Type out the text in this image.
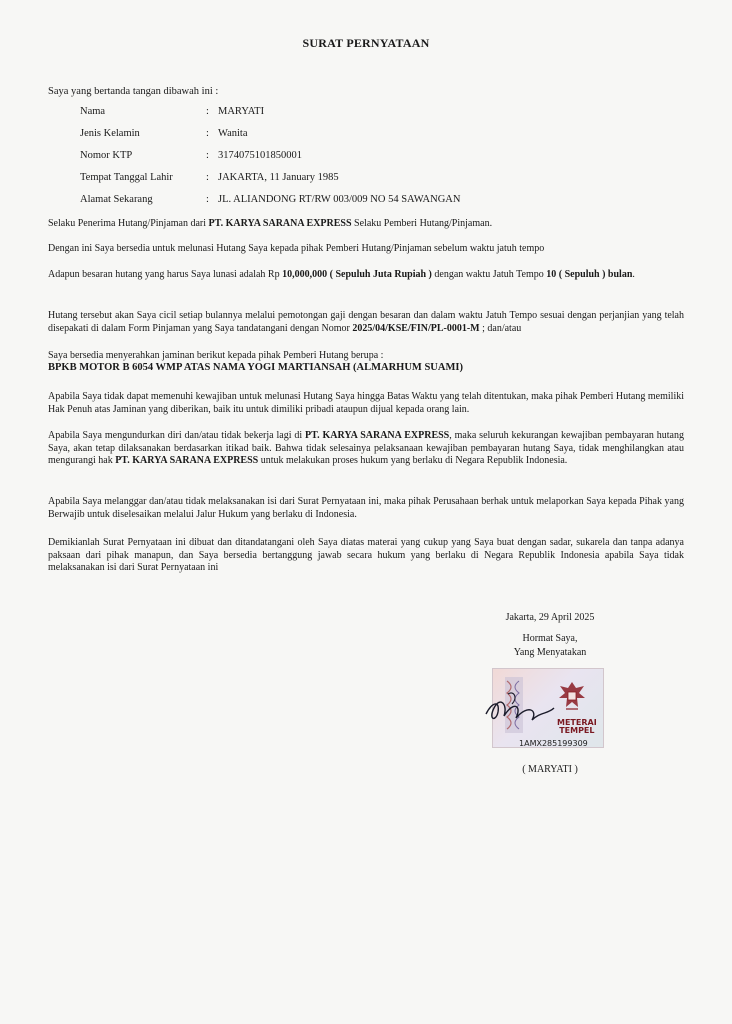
SURAT PERNYATAAN
Saya yang bertanda tangan dibawah ini :
Nama	: MARYATI
Jenis Kelamin	: Wanita
Nomor KTP	: 3174075101850001
Tempat Tanggal Lahir	: JAKARTA, 11 January 1985
Alamat Sekarang	: JL. ALIANDONG RT/RW 003/009 NO 54 SAWANGAN
Selaku Penerima Hutang/Pinjaman dari PT. KARYA SARANA EXPRESS Selaku Pemberi Hutang/Pinjaman.
Dengan ini Saya bersedia untuk melunasi Hutang Saya kepada pihak Pemberi Hutang/Pinjaman sebelum waktu jatuh tempo
Adapun besaran hutang yang harus Saya lunasi adalah Rp 10,000,000 ( Sepuluh Juta Rupiah ) dengan waktu Jatuh Tempo 10 ( Sepuluh ) bulan.
Hutang tersebut akan Saya cicil setiap bulannya melalui pemotongan gaji dengan besaran dan dalam waktu Jatuh Tempo sesuai dengan perjanjian yang telah disepakati di dalam Form Pinjaman yang Saya tandatangani dengan Nomor 2025/04/KSE/FIN/PL-0001-M ; dan/atau
Saya bersedia menyerahkan jaminan berikut kepada pihak Pemberi Hutang berupa :
BPKB MOTOR B 6054 WMP ATAS NAMA YOGI MARTIANSAH (ALMARHUM SUAMI)
Apabila Saya tidak dapat memenuhi kewajiban untuk melunasi Hutang Saya hingga Batas Waktu yang telah ditentukan, maka pihak Pemberi Hutang memiliki Hak Penuh atas Jaminan yang diberikan, baik itu untuk dimiliki pribadi ataupun dijual kepada orang lain.
Apabila Saya mengundurkan diri dan/atau tidak bekerja lagi di PT. KARYA SARANA EXPRESS, maka seluruh kekurangan kewajiban pembayaran hutang Saya, akan tetap dilaksanakan berdasarkan itikad baik. Bahwa tidak selesainya pelaksanaan kewajiban pembayaran hutang Saya, tidak menghilangkan atau mengurangi hak PT. KARYA SARANA EXPRESS untuk melakukan proses hukum yang berlaku di Negara Republik Indonesia.
Apabila Saya melanggar dan/atau tidak melaksanakan isi dari Surat Pernyataan ini, maka pihak Perusahaan berhak untuk melaporkan Saya kepada Pihak yang Berwajib untuk diselesaikan melalui Jalur Hukum yang berlaku di Indonesia.
Demikianlah Surat Pernyataan ini dibuat dan ditandatangani oleh Saya diatas materai yang cukup yang Saya buat dengan sadar, sukarela dan tanpa adanya paksaan dari pihak manapun, dan Saya bersedia bertanggung jawab secara hukum yang berlaku di Negara Republik Indonesia apabila Saya tidak melaksanakan isi dari Surat Pernyataan ini
Jakarta, 29 April 2025
Hormat Saya,
Yang Menyatakan
METERAI
TEMPEL
1AMX285199309
( MARYATI )
